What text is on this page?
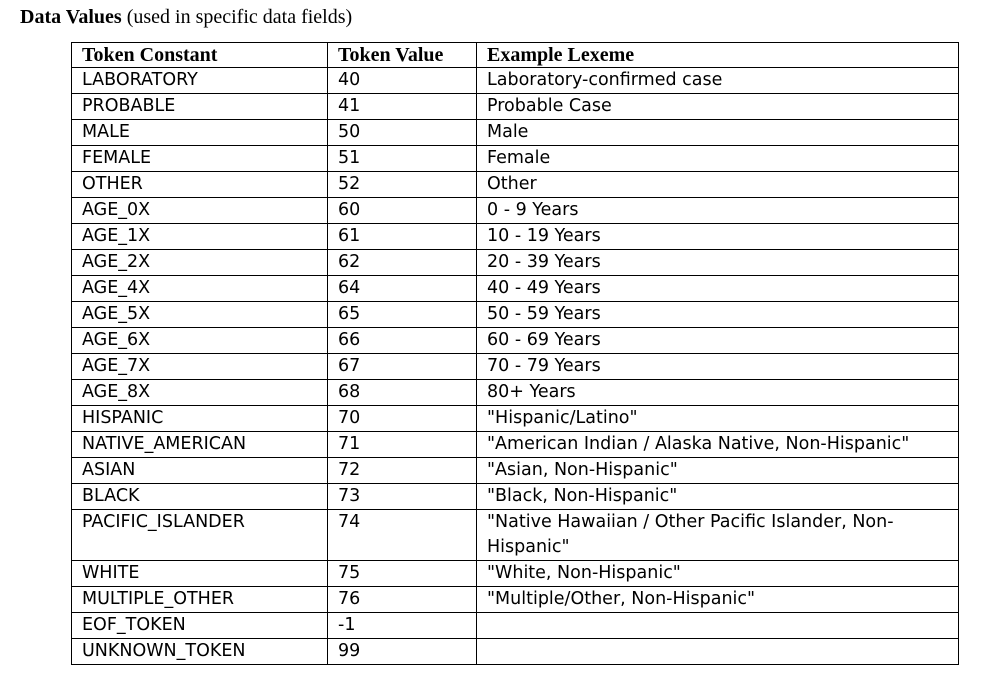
Data Values (used in specific data fields)
Token Constant	Token Value	Example Lexeme
LABORATORY	40	Laboratory-confirmed case
PROBABLE	41	Probable Case
MALE	50	Male
FEMALE	51	Female
OTHER	52	Other
AGE_0X	60	0 - 9 Years
AGE_1X	61	10 - 19 Years
AGE_2X	62	20 - 39 Years
AGE_4X	64	40 - 49 Years
AGE_5X	65	50 - 59 Years
AGE_6X	66	60 - 69 Years
AGE_7X	67	70 - 79 Years
AGE_8X	68	80+ Years
HISPANIC	70	"Hispanic/Latino"
NATIVE_AMERICAN	71	"American Indian / Alaska Native, Non-Hispanic"
ASIAN	72	"Asian, Non-Hispanic"
BLACK	73	"Black, Non-Hispanic"
PACIFIC_ISLANDER	74	"Native Hawaiian / Other Pacific Islander, Non-Hispanic"
WHITE	75	"White, Non-Hispanic"
MULTIPLE_OTHER	76	"Multiple/Other, Non-Hispanic"
EOF_TOKEN	-1	
UNKNOWN_TOKEN	99	
